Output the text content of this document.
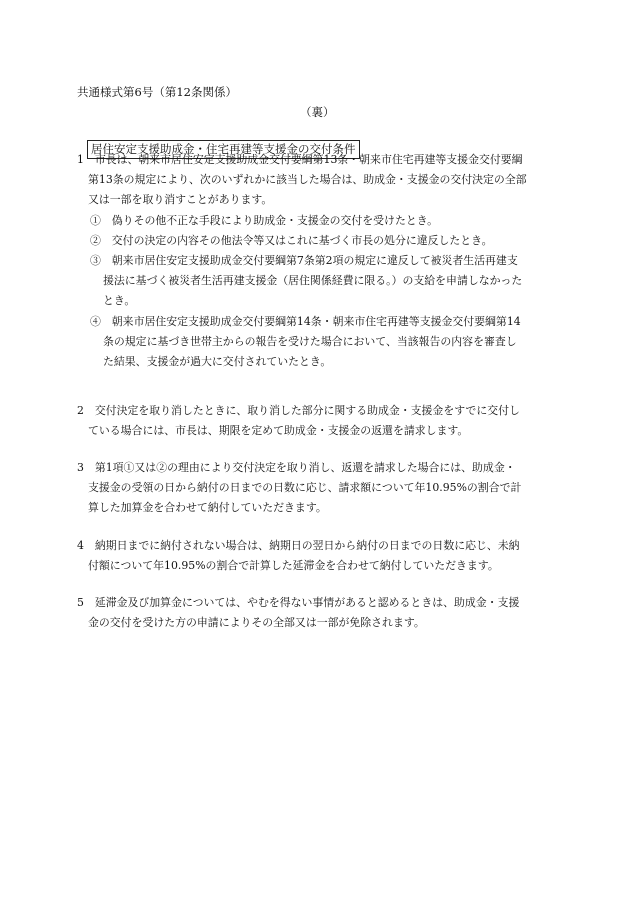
共通様式第6号（第12条関係）
（裏）
居住安定支援助成金・住宅再建等支援金の交付条件
1　市長は、朝来市居住安定支援助成金交付要綱第13条・朝来市住宅再建等支援金交付要綱
第13条の規定により、次のいずれかに該当した場合は、助成金・支援金の交付決定の全部
又は一部を取り消すことがあります。
①　偽りその他不正な手段により助成金・支援金の交付を受けたとき。
②　交付の決定の内容その他法令等又はこれに基づく市長の処分に違反したとき。
③　朝来市居住安定支援助成金交付要綱第7条第2項の規定に違反して被災者生活再建支
援法に基づく被災者生活再建支援金（居住関係経費に限る。）の支給を申請しなかった
とき。
④　朝来市居住安定支援助成金交付要綱第14条・朝来市住宅再建等支援金交付要綱第14
条の規定に基づき世帯主からの報告を受けた場合において、当該報告の内容を審査し
た結果、支援金が過大に交付されていたとき。
2　交付決定を取り消したときに、取り消した部分に関する助成金・支援金をすでに交付し
ている場合には、市長は、期限を定めて助成金・支援金の返還を請求します。
3　第1項①又は②の理由により交付決定を取り消し、返還を請求した場合には、助成金・
支援金の受領の日から納付の日までの日数に応じ、請求額について年10.95%の割合で計
算した加算金を合わせて納付していただきます。
4　納期日までに納付されない場合は、納期日の翌日から納付の日までの日数に応じ、未納
付額について年10.95%の割合で計算した延滞金を合わせて納付していただきます。
5　延滞金及び加算金については、やむを得ない事情があると認めるときは、助成金・支援
金の交付を受けた方の申請によりその全部又は一部が免除されます。
